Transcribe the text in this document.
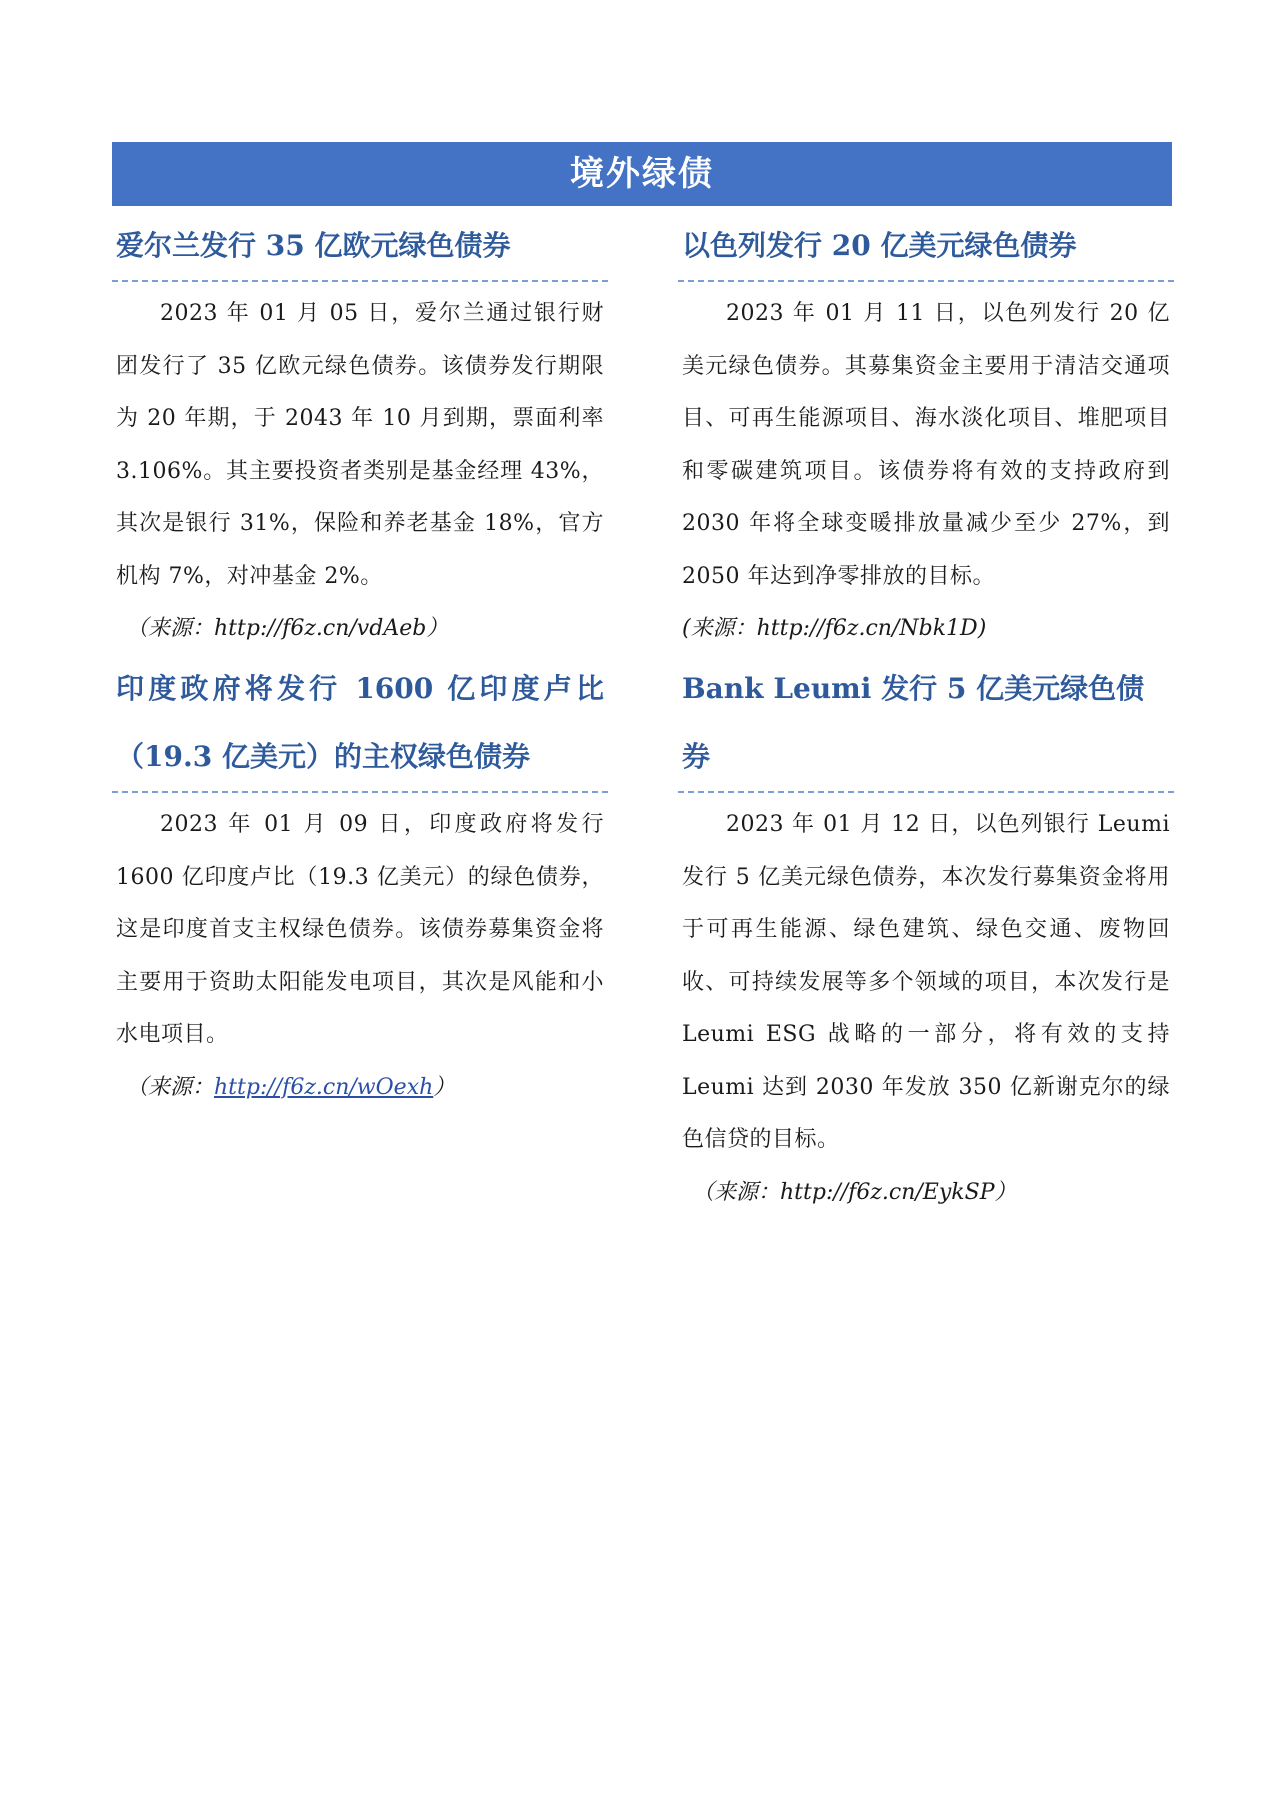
境外绿债
爱尔兰发行 35 亿欧元绿色债券

2023 年 01 月 05 日，爱尔兰通过银行财团发行了 35 亿欧元绿色债券。该债券发行期限为 20 年期，于 2043 年 10 月到期，票面利率 3.106%。其主要投资者类别是基金经理 43%，其次是银行 31%，保险和养老基金 18%，官方机构 7%，对冲基金 2%。

（来源：http://f6z.cn/vdAeb）

印度政府将发行 1600 亿印度卢比
（19.3 亿美元）的主权绿色债券

2023 年 01 月 09 日，印度政府将发行 1600 亿印度卢比（19.3 亿美元）的绿色债券，这是印度首支主权绿色债券。该债券募集资金将主要用于资助太阳能发电项目，其次是风能和小水电项目。

（来源：http://f6z.cn/wOexh）

以色列发行 20 亿美元绿色债券

2023 年 01 月 11 日，以色列发行 20 亿美元绿色债券。其募集资金主要用于清洁交通项目、可再生能源项目、海水淡化项目、堆肥项目和零碳建筑项目。该债券将有效的支持政府到 2030 年将全球变暖排放量减少至少 27%，到 2050 年达到净零排放的目标。

(来源：http://f6z.cn/Nbk1D)

Bank Leumi 发行 5 亿美元绿色债券

2023 年 01 月 12 日，以色列银行 Leumi 发行 5 亿美元绿色债券，本次发行募集资金将用于可再生能源、绿色建筑、绿色交通、废物回收、可持续发展等多个领域的项目，本次发行是 Leumi ESG 战略的一部分，将有效的支持 Leumi 达到 2030 年发放 350 亿新谢克尔的绿色信贷的目标。

（来源：http://f6z.cn/EykSP）
